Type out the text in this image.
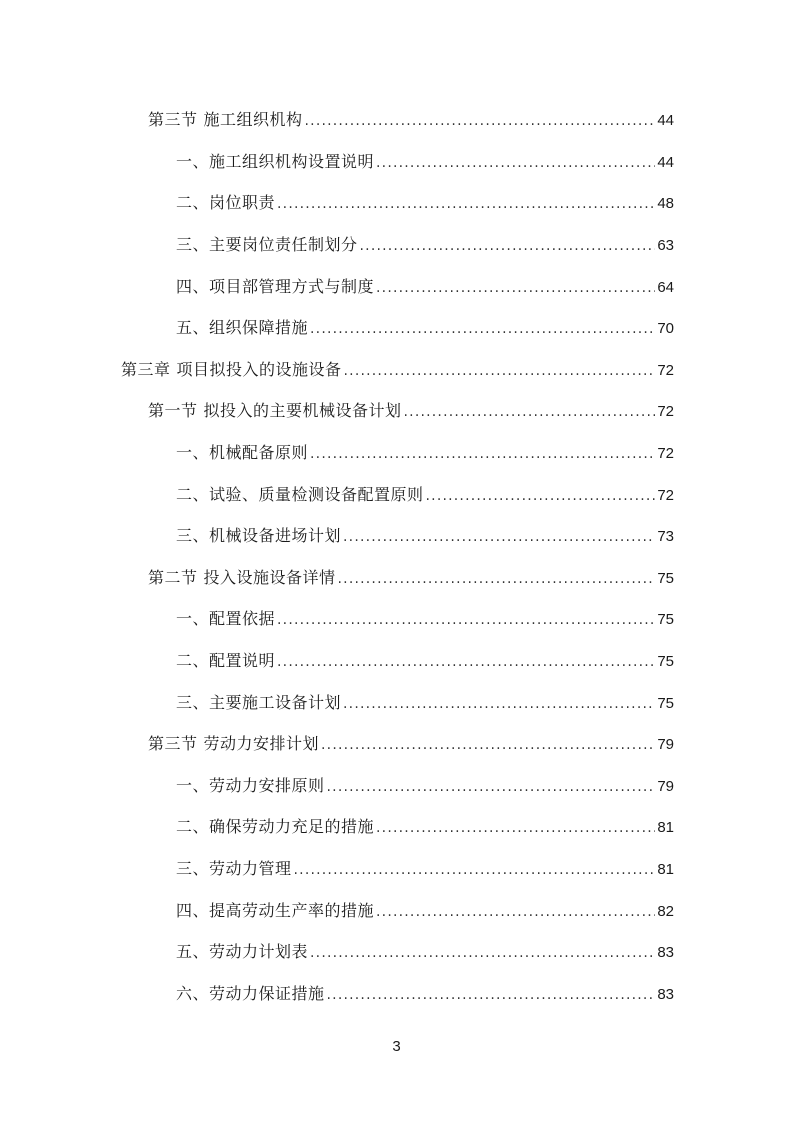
第三节 施工组织机构 .....	44
一、施工组织机构设置说明 .....	44
二、岗位职责 .....	48
三、主要岗位责任制划分 .....	63
四、项目部管理方式与制度 .....	64
五、组织保障措施 .....	70
第三章 项目拟投入的设施设备 .....	72
第一节 拟投入的主要机械设备计划 .....	72
一、机械配备原则 .....	72
二、试验、质量检测设备配置原则 .....	72
三、机械设备进场计划 .....	73
第二节 投入设施设备详情 .....	75
一、配置依据 .....	75
二、配置说明 .....	75
三、主要施工设备计划 .....	75
第三节 劳动力安排计划 .....	79
一、劳动力安排原则 .....	79
二、确保劳动力充足的措施 .....	81
三、劳动力管理 .....	81
四、提高劳动生产率的措施 .....	82
五、劳动力计划表 .....	83
六、劳动力保证措施 .....	83
3
